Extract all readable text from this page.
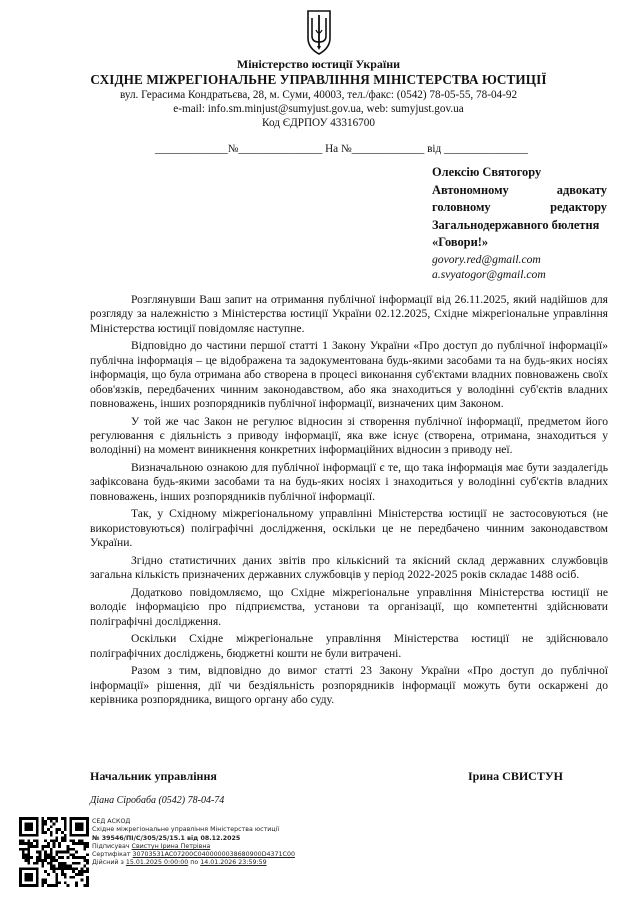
Міністерство юстиції України
СХІДНЕ МІЖРЕГІОНАЛЬНЕ УПРАВЛІННЯ МІНІСТЕРСТВА ЮСТИЦІЇ
вул. Герасима Кондратьєва, 28, м. Суми, 40003, тел./факс: (0542) 78-05-55, 78-04-92
e-mail: info.sm.minjust@sumyjust.gov.ua, web: sumyjust.gov.ua
Код ЄДРПОУ 43316700
_____________№_______________ На №_____________ від _______________
Олексію Святогору
Автономному	адвокату
головному	редактору
Загальнодержавного бюлетня
«Говори!»
govory.red@gmail.com
a.svyatogor@gmail.com

Розглянувши Ваш запит на отримання публічної інформації від 26.11.2025, який надійшов для розгляду за належністю з Міністерства юстиції України 02.12.2025, Східне міжрегіональне управління Міністерства юстиції повідомляє наступне.

Відповідно до частини першої статті 1 Закону України «Про доступ до публічної інформації» публічна інформація – це відображена та задокументована будь-якими засобами та на будь-яких носіях інформація, що була отримана або створена в процесі виконання суб'єктами владних повноважень своїх обов'язків, передбачених чинним законодавством, або яка знаходиться у володінні суб'єктів владних повноважень, інших розпорядників публічної інформації, визначених цим Законом.

У той же час Закон не регулює відносин зі створення публічної інформації, предметом його регулювання є діяльність з приводу інформації, яка вже існує (створена, отримана, знаходиться у володінні) на момент виникнення конкретних інформаційних відносин з приводу неї.

Визначальною ознакою для публічної інформації є те, що така інформація має бути заздалегідь зафіксована будь-якими засобами та на будь-яких носіях і знаходиться у володінні суб'єктів владних повноважень, інших розпорядників публічної інформації.

Так, у Східному міжрегіональному управлінні Міністерства юстиції не застосовуються (не використовуються) поліграфічні дослідження, оскільки це не передбачено чинним законодавством України.

Згідно статистичних даних звітів про кількісний та якісний склад державних службовців загальна кількість призначених державних службовців у період 2022-2025 років складає 1488 осіб.

Додатково повідомляємо, що Східне міжрегіональне управління Міністерства юстиції не володіє інформацією про підприємства, установи та організації, що компетентні здійснювати поліграфічні дослідження.

Оскільки Східне міжрегіональне управління Міністерства юстиції не здійснювало поліграфічних досліджень, бюджетні кошти не були витрачені.

Разом з тим, відповідно до вимог статті 23 Закону України «Про доступ до публічної інформації» рішення, дії чи бездіяльність розпорядників інформації можуть бути оскаржені до керівника розпорядника, вищого органу або суду.

Начальник управління	Ірина СВИСТУН
Діана Сіробаба (0542) 78-04-74
СЕД АСКОД
Східне міжрегіональне управління Міністерства юстиції
№ 39546/ПІ/С/305/25/15.1 від 08.12.2025
Підписувач Свистун Ірина Петрівна
Сертифікат 30703531AC07200C0400000038680900D4371C00
Дійсний з 15.01.2025 0:00:00 по 14.01.2026 23:59:59
